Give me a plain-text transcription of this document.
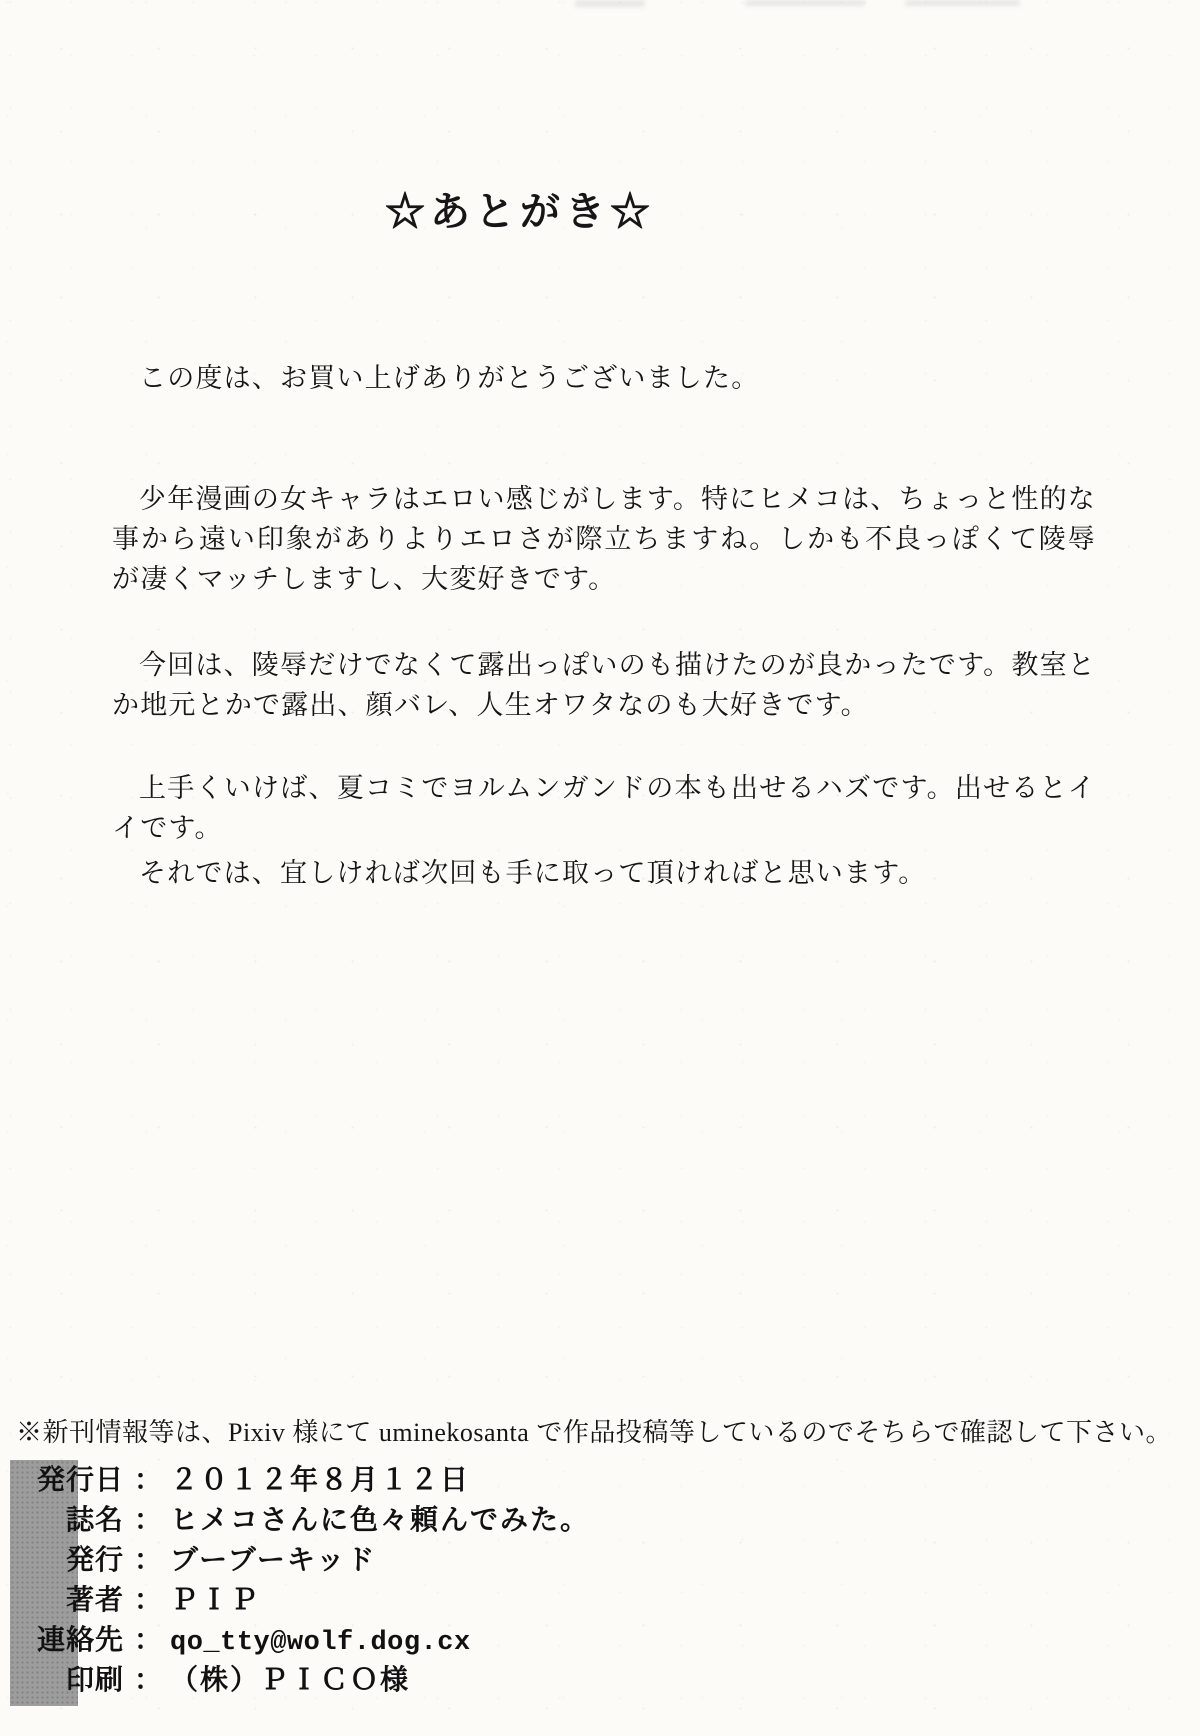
☆あとがき☆

この度は、お買い上げありがとうございました。

少年漫画の女キャラはエロい感じがします。特にヒメコは、ちょっと性的な事から遠い印象がありよりエロさが際立ちますね。しかも不良っぽくて陵辱が凄くマッチしますし、大変好きです。

今回は、陵辱だけでなくて露出っぽいのも描けたのが良かったです。教室とか地元とかで露出、顔バレ、人生オワタなのも大好きです。

上手くいけば、夏コミでヨルムンガンドの本も出せるハズです。出せるとイイです。

それでは、宜しければ次回も手に取って頂ければと思います。

※新刊情報等は、Pixiv 様にて uminekosanta で作品投稿等しているのでそちらで確認して下さい。
発行日 ： ２０１２年８月１２日
誌名 ： ヒメコさんに色々頼んでみた。
発行 ： ブーブーキッド
著者 ： ＰＩＰ
連絡先 ： qo_tty@wolf.dog.cx
印刷 ： （株）ＰＩＣＯ様
